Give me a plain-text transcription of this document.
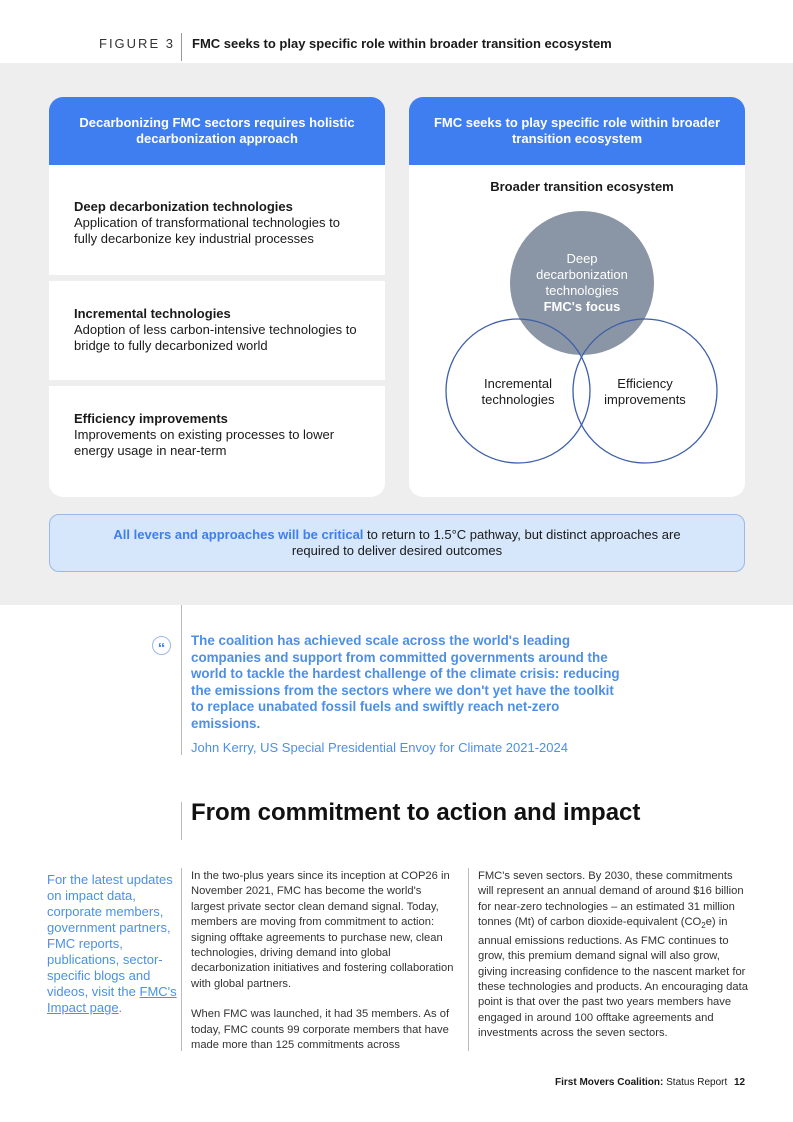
FIGURE 3 FMC seeks to play specific role within broader transition ecosystem
Decarbonizing FMC sectors requires holistic decarbonization approach
Deep decarbonization technologies
Application of transformational technologies to fully decarbonize key industrial processes
Incremental technologies
Adoption of less carbon-intensive technologies to bridge to fully decarbonized world
Efficiency improvements
Improvements on existing processes to lower energy usage in near-term
FMC seeks to play specific role within broader transition ecosystem
Broader transition ecosystem
Deep
decarbonization
technologies
FMC's focus
Incremental
technologies
Efficiency
improvements
All levers and approaches will be critical to return to 1.5°C pathway, but distinct approaches are required to deliver desired outcomes
“	The coalition has achieved scale across the world's leading companies and support from committed governments around the world to tackle the hardest challenge of the climate crisis: reducing the emissions from the sectors where we don't yet have the toolkit to replace unabated fossil fuels and swiftly reach net-zero emissions.
John Kerry, US Special Presidential Envoy for Climate 2021-2024
From commitment to action and impact
For the latest updates on impact data, corporate members, government partners, FMC reports, publications, sector-specific blogs and videos, visit the FMC's Impact page.

In the two-plus years since its inception at COP26 in November 2021, FMC has become the world's largest private sector clean demand signal. Today, members are moving from commitment to action: signing offtake agreements to purchase new, clean technologies, driving demand into global decarbonization initiatives and fostering collaboration with global partners.

When FMC was launched, it had 35 members. As of today, FMC counts 99 corporate members that have made more than 125 commitments across

FMC's seven sectors. By 2030, these commitments will represent an annual demand of around $16 billion for near-zero technologies – an estimated 31 million tonnes (Mt) of carbon dioxide-equivalent $(CO_2e)$ in annual emissions reductions. As FMC continues to grow, this premium demand signal will also grow, giving increasing confidence to the nascent market for these technologies and products. An encouraging data point is that over the past two years members have engaged in around 100 offtake agreements and investments across the seven sectors.

First Movers Coalition: Status Report 12
